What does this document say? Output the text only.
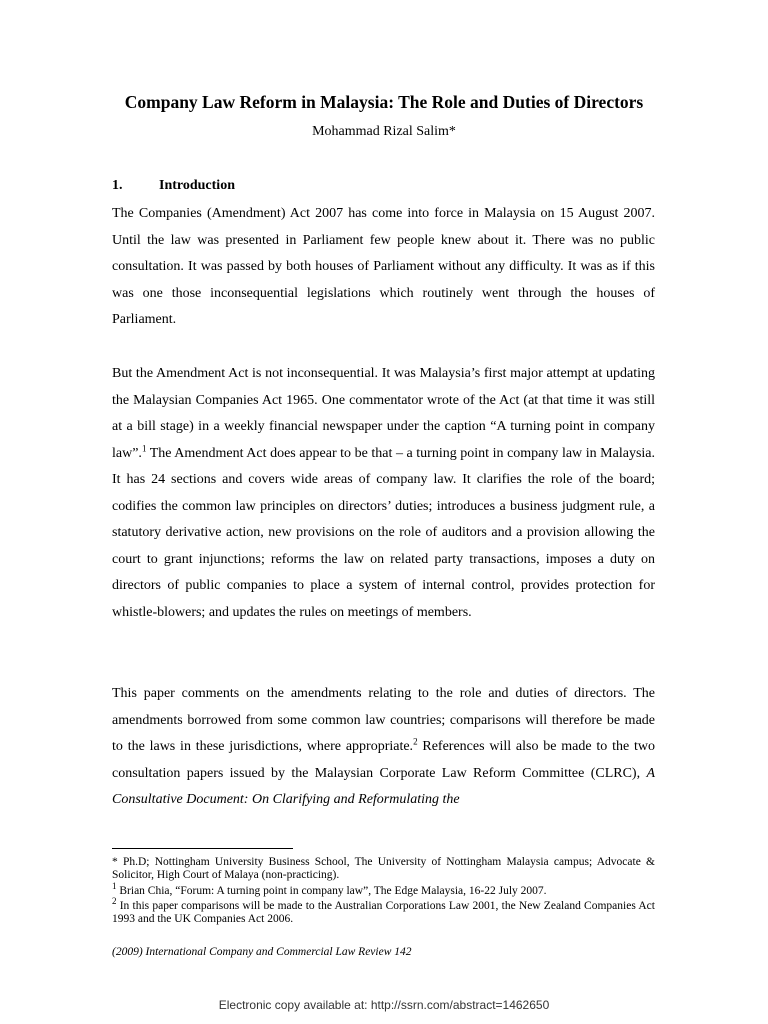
Company Law Reform in Malaysia: The Role and Duties of Directors
Mohammad Rizal Salim*
1.	Introduction

The Companies (Amendment) Act 2007 has come into force in Malaysia on 15 August 2007. Until the law was presented in Parliament few people knew about it. There was no public consultation. It was passed by both houses of Parliament without any difficulty. It was as if this was one those inconsequential legislations which routinely went through the houses of Parliament.

But the Amendment Act is not inconsequential. It was Malaysia’s first major attempt at updating the Malaysian Companies Act 1965. One commentator wrote of the Act (at that time it was still at a bill stage) in a weekly financial newspaper under the caption “A turning point in company law”.$^1$ The Amendment Act does appear to be that – a turning point in company law in Malaysia. It has 24 sections and covers wide areas of company law. It clarifies the role of the board; codifies the common law principles on directors’ duties; introduces a business judgment rule, a statutory derivative action, new provisions on the role of auditors and a provision allowing the court to grant injunctions; reforms the law on related party transactions, imposes a duty on directors of public companies to place a system of internal control, provides protection for whistle-blowers; and updates the rules on meetings of members.

This paper comments on the amendments relating to the role and duties of directors. The amendments borrowed from some common law countries; comparisons will therefore be made to the laws in these jurisdictions, where appropriate.$^2$ References will also be made to the two consultation papers issued by the Malaysian Corporate Law Reform Committee (CLRC), A Consultative Document: On Clarifying and Reformulating the

* Ph.D; Nottingham University Business School, The University of Nottingham Malaysia campus; Advocate & Solicitor, High Court of Malaya (non-practicing).

$^1$ Brian Chia, “Forum: A turning point in company law”, The Edge Malaysia, 16-22 July 2007.

$^2$ In this paper comparisons will be made to the Australian Corporations Law 2001, the New Zealand Companies Act 1993 and the UK Companies Act 2006.

(2009) International Company and Commercial Law Review 142
Electronic copy available at: http://ssrn.com/abstract=1462650
